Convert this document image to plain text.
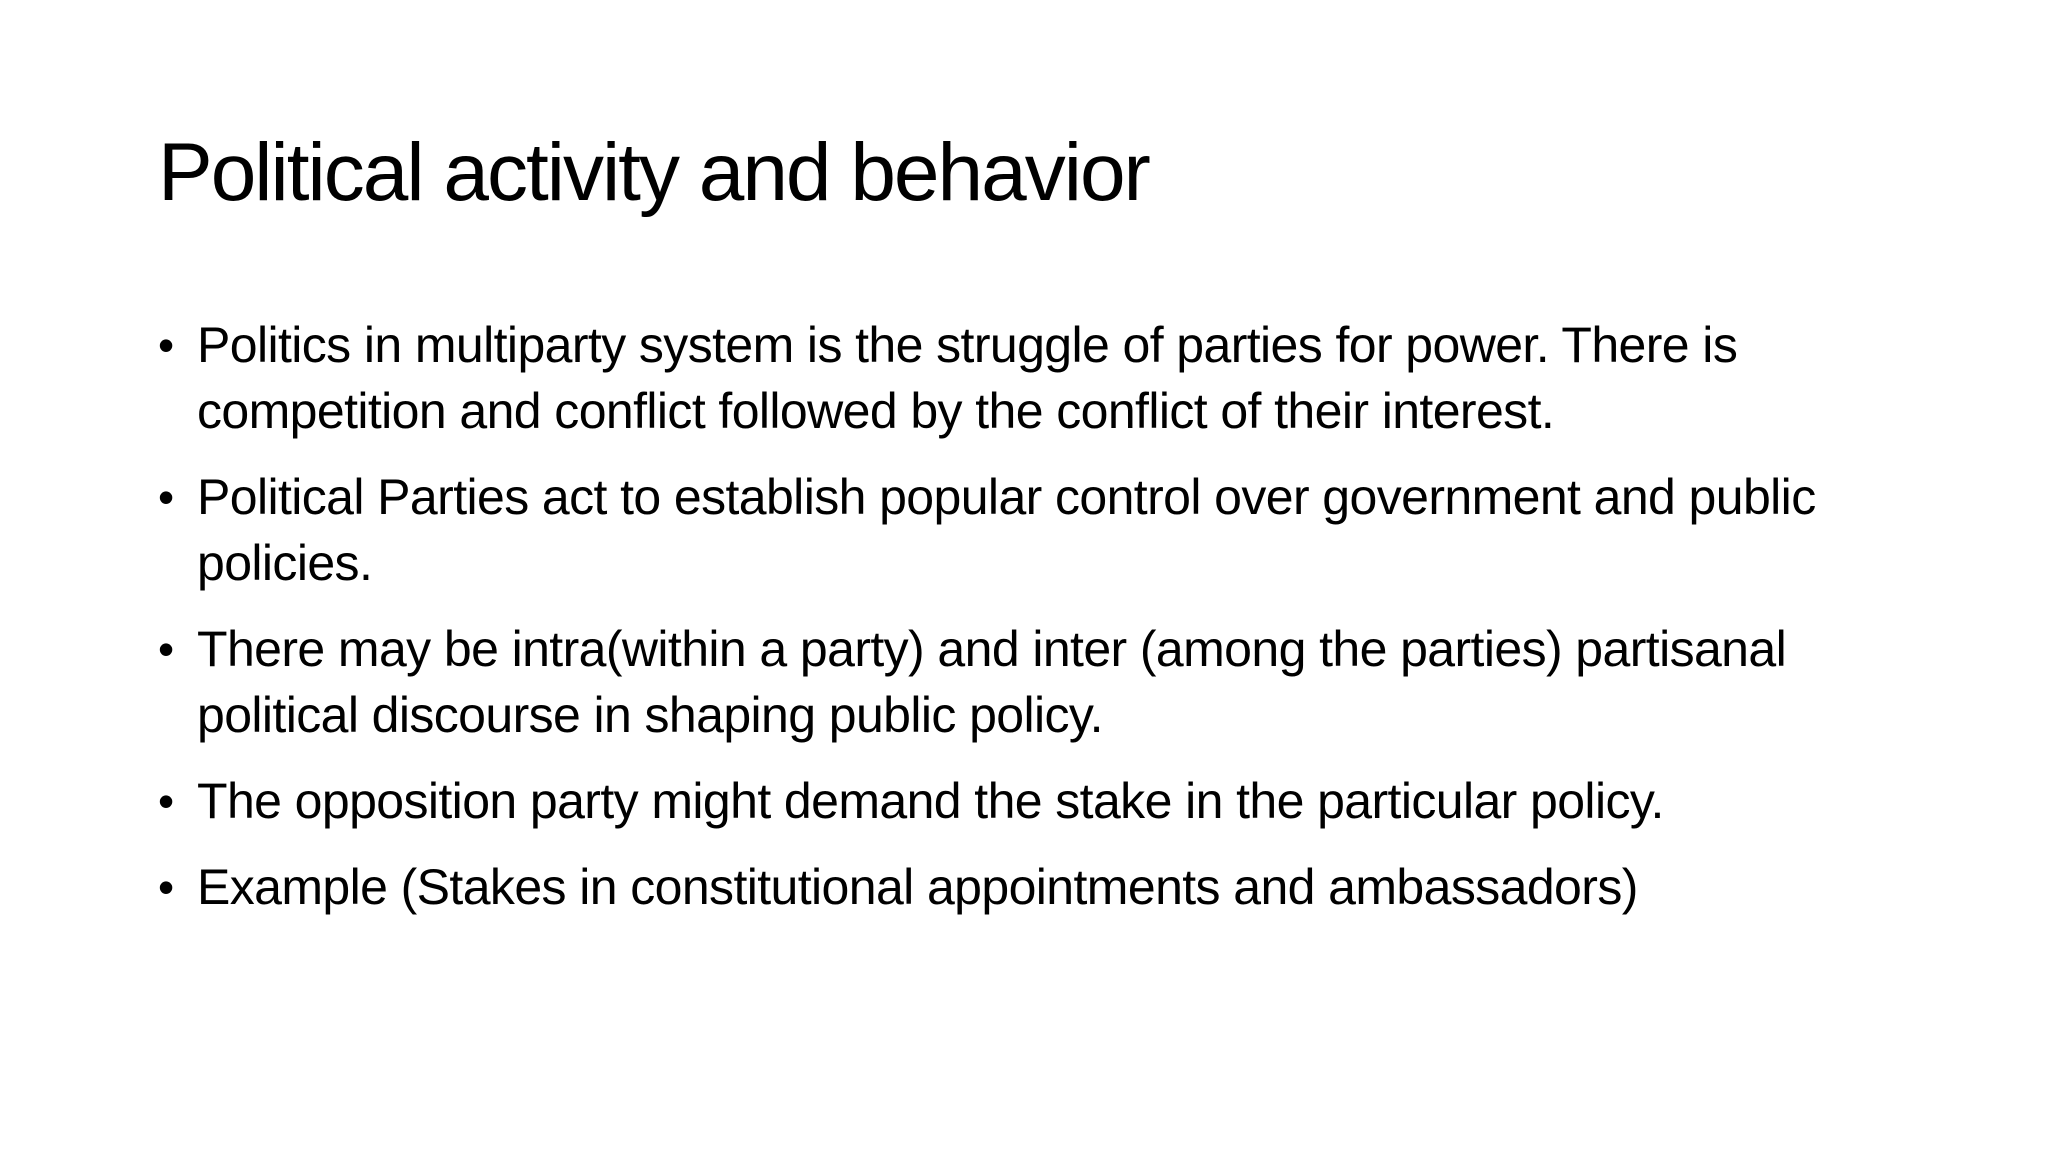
Political activity and behavior
• Politics in multiparty system is the struggle of parties for power. There is competition and conflict followed by the conflict of their interest.
• Political Parties act to establish popular control over government and public policies.
• There may be intra(within a party) and inter (among the parties) partisanal political discourse in shaping public policy.
• The opposition party might demand the stake in the particular policy.
• Example (Stakes in constitutional appointments and ambassadors)
